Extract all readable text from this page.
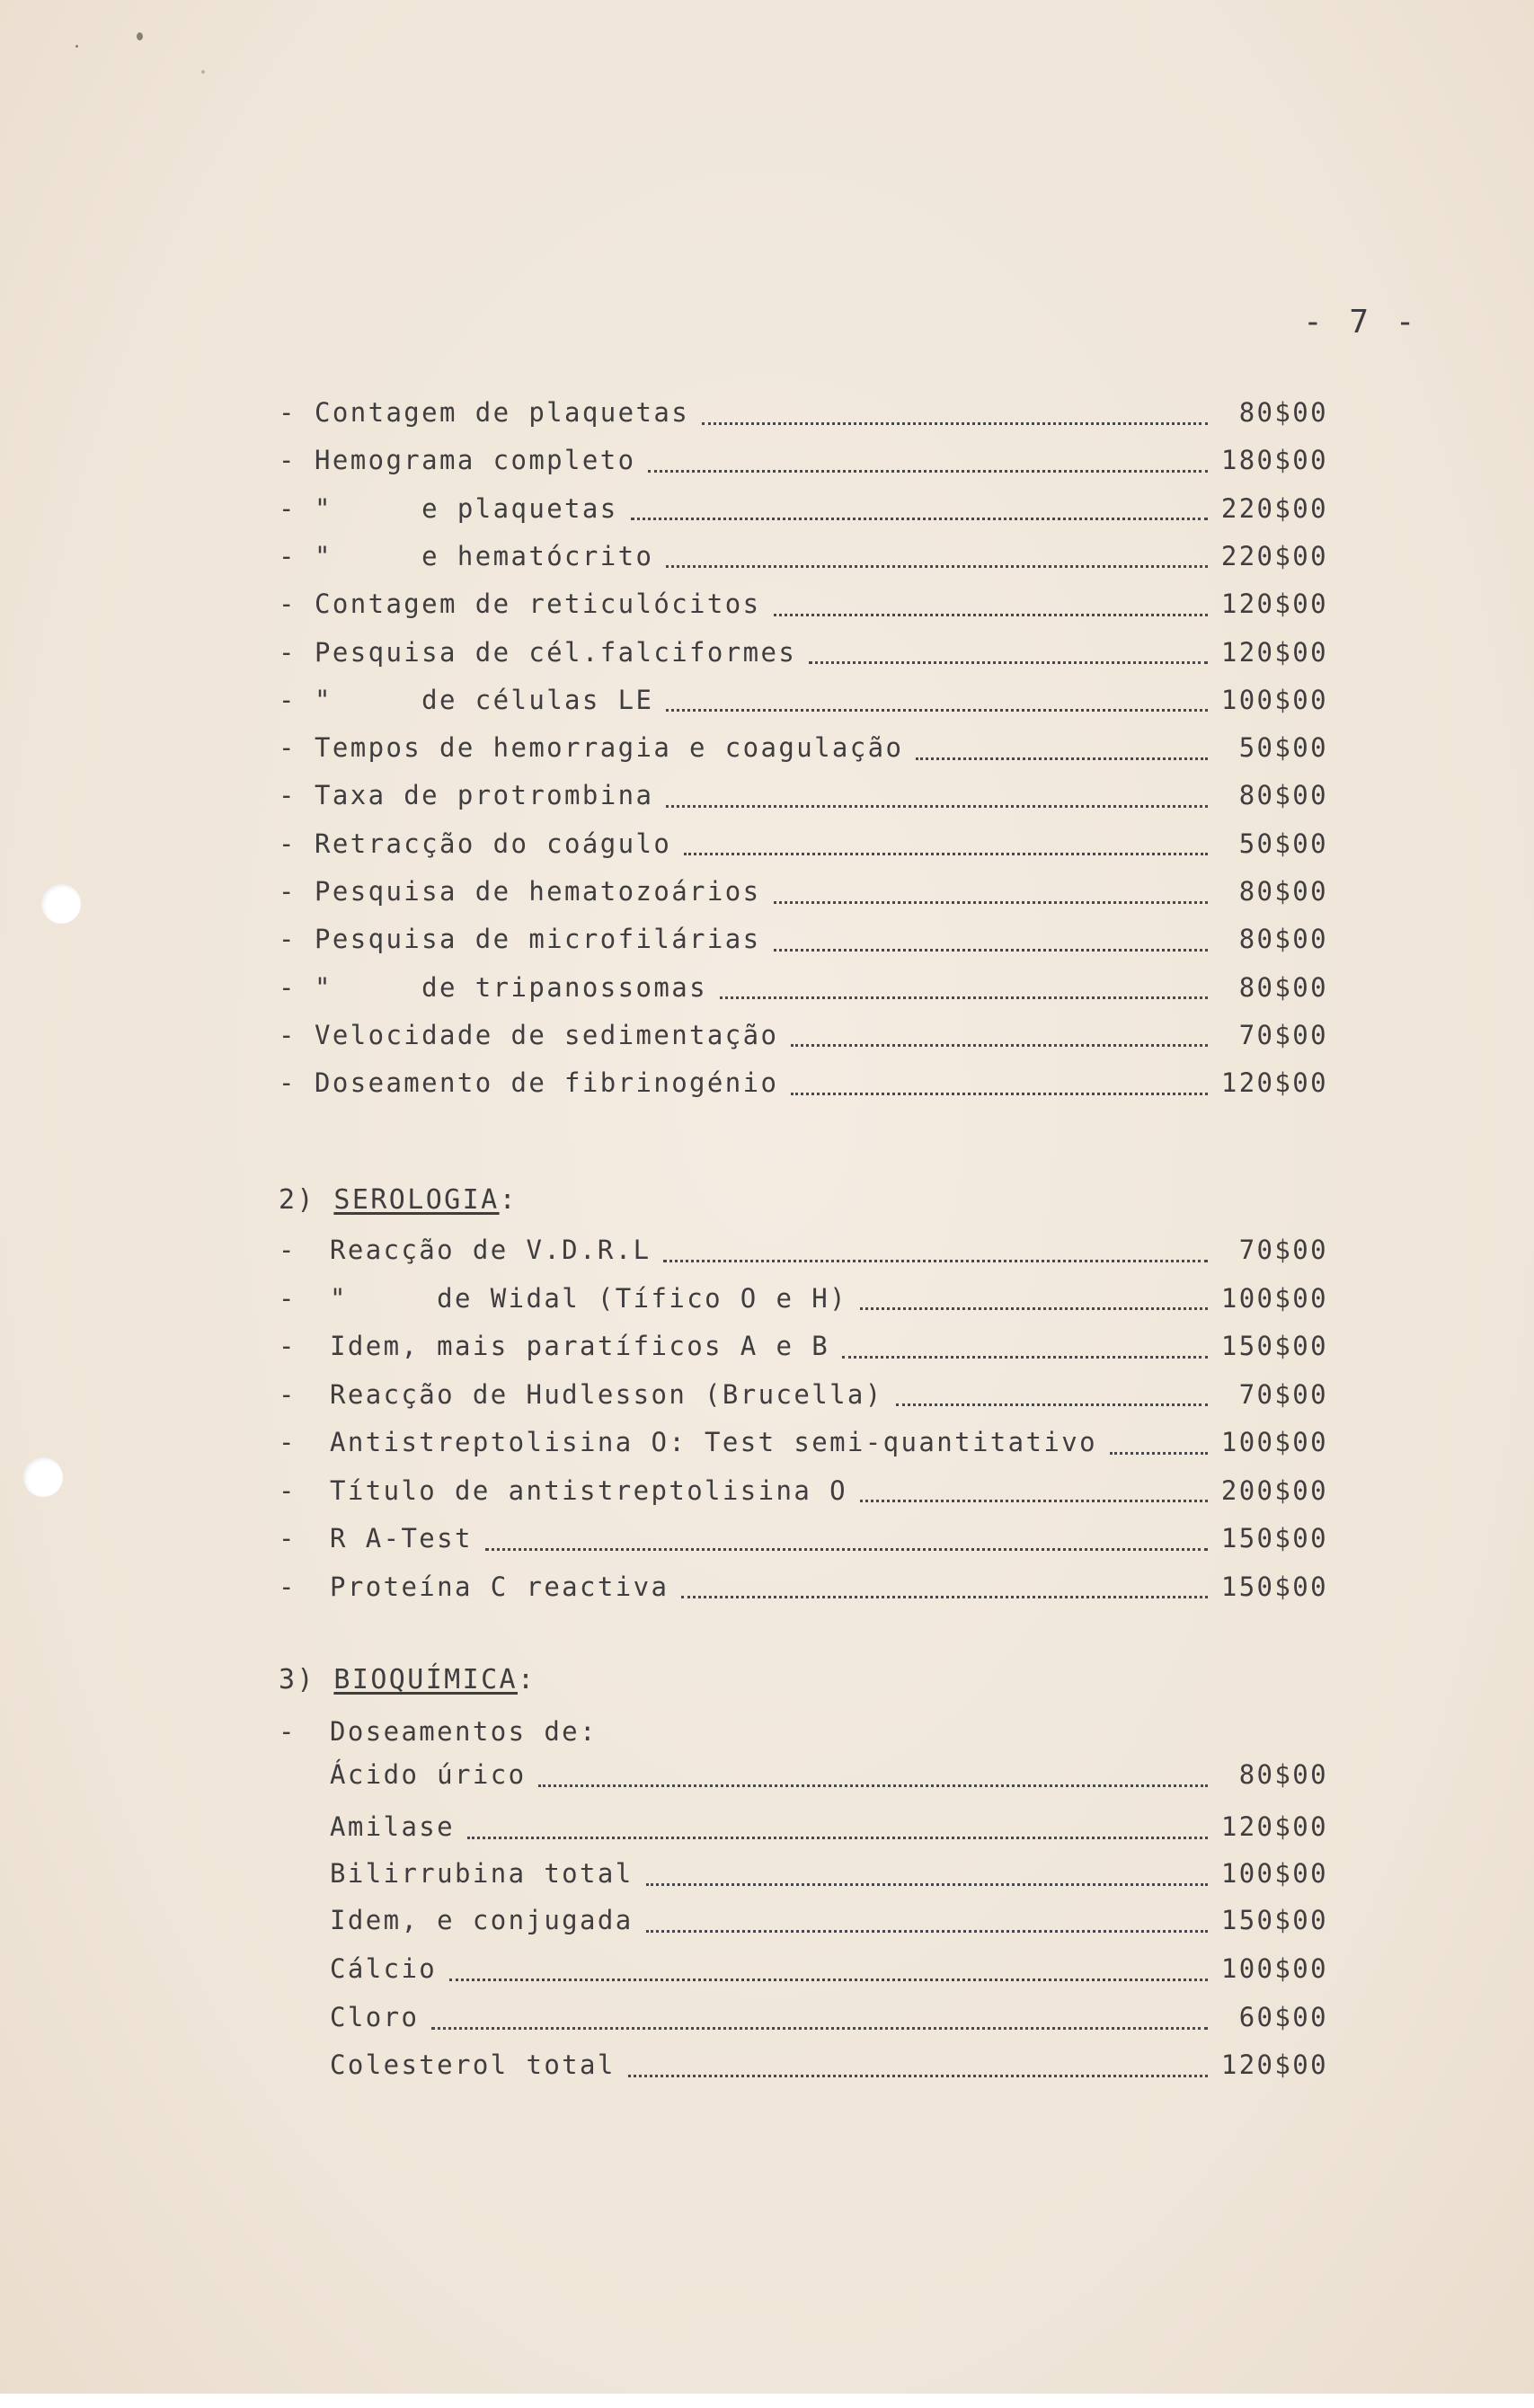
- 7 -
- Contagem de plaquetas	80$00
- Hemograma completo	180$00
- " e plaquetas	220$00
- " e hematócrito	220$00
- Contagem de reticulócitos	120$00
- Pesquisa de cél.falciformes	120$00
- " de células LE	100$00
- Tempos de hemorragia e coagulação	50$00
- Taxa de protrombina	80$00
- Retracção do coágulo	50$00
- Pesquisa de hematozoários	80$00
- Pesquisa de microfilárias	80$00
- " de tripanossomas	80$00
- Velocidade de sedimentação	70$00
- Doseamento de fibrinogénio	120$00
2) SEROLOGIA:
-	Reacção de V.D.R.L	70$00
-	" de Widal (Tífico O e H)	100$00
-	Idem, mais paratíficos A e B	150$00
-	Reacção de Hudlesson (Brucella)	70$00
-	Antistreptolisina O: Test semi-quantitativo	100$00
-	Título de antistreptolisina O	200$00
-	R A-Test	150$00
-	Proteína C reactiva	150$00
3) BIOQUÍMICA:
- Doseamentos de:
Ácido úrico	80$00
Amilase	120$00
Bilirrubina total	100$00
Idem, e conjugada	150$00
Cálcio	100$00
Cloro	60$00
Colesterol total	120$00
